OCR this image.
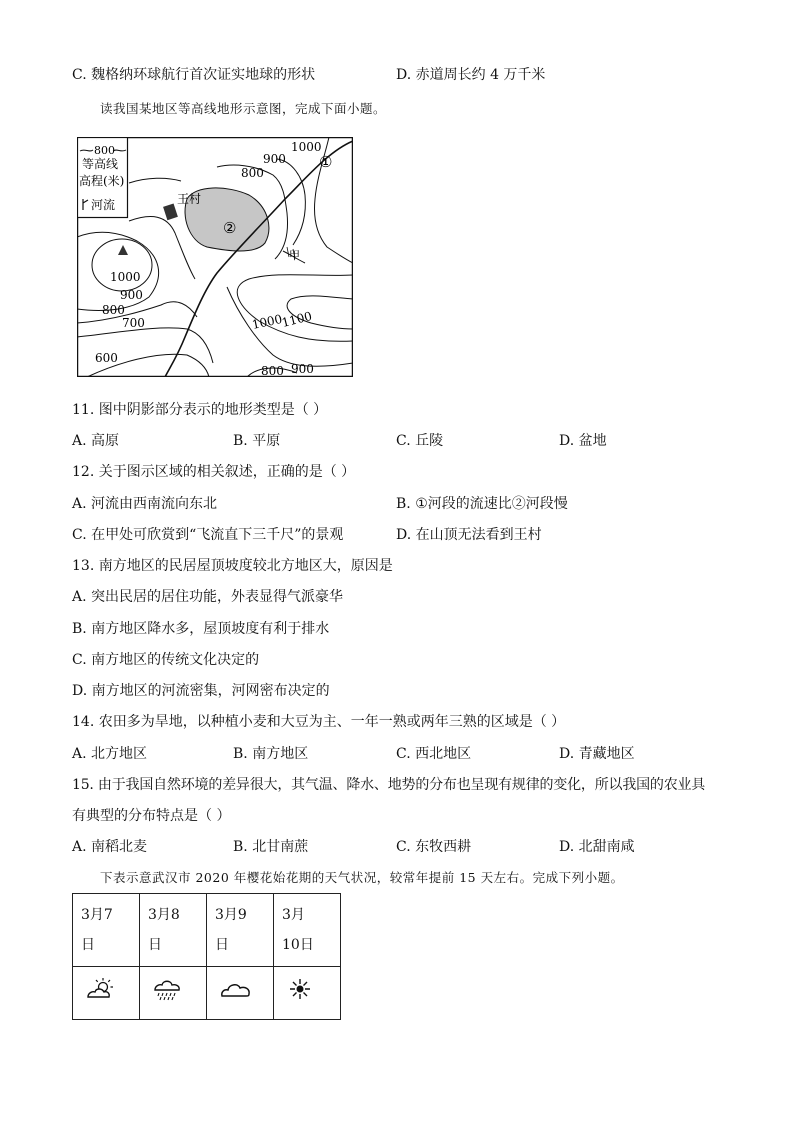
C. 魏格纳环球航行首次证实地球的形状	D. 赤道周长约 4 万千米
读我国某地区等高线地形示意图，完成下面小题。
800
等高线
高程(米)
河流
1000
900
800
①
②
王村
甲
1000
900
800
700
600
1000
1100
800 900
11. 图中阴影部分表示的地形类型是（ ）
A. 高原	B. 平原	C. 丘陵	D. 盆地
12. 关于图示区域的相关叙述，正确的是（ ）
A. 河流由西南流向东北	B. ①河段的流速比②河段慢
C. 在甲处可欣赏到“飞流直下三千尺”的景观	D. 在山顶无法看到王村
13. 南方地区的民居屋顶坡度较北方地区大，原因是
A. 突出民居的居住功能，外表显得气派豪华
B. 南方地区降水多，屋顶坡度有利于排水
C. 南方地区的传统文化决定的
D. 南方地区的河流密集，河网密布决定的
14. 农田多为旱地，以种植小麦和大豆为主、一年一熟或两年三熟的区域是（ ）
A. 北方地区	B. 南方地区	C. 西北地区	D. 青藏地区
15. 由于我国自然环境的差异很大，其气温、降水、地势的分布也呈现有规律的变化，所以我国的农业具
有典型的分布特点是（ ）
A. 南稻北麦	B. 北甘南蔗	C. 东牧西耕	D. 北甜南咸
下表示意武汉市 2020 年樱花始花期的天气状况，较常年提前 15 天左右。完成下列小题。
3月7日	3月8日	3月9日	3月10日
